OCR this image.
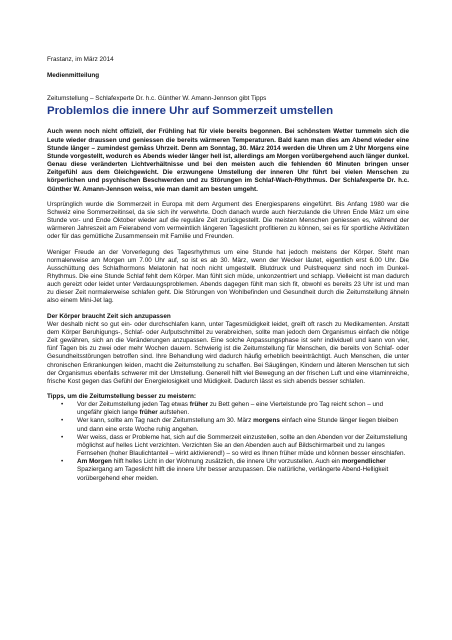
Frastanz, im März 2014

Medienmitteilung

Zeitumstellung – Schlafexperte Dr. h.c. Günther W. Amann-Jennson gibt Tipps

Problemlos die innere Uhr auf Sommerzeit umstellen

Auch wenn noch nicht offiziell, der Frühling hat für viele bereits begonnen. Bei schönstem Wetter tummeln sich die Leute wieder draussen und geniessen die bereits wärmeren Temperaturen. Bald kann man dies am Abend wieder eine Stunde länger – zumindest gemäss Uhrzeit. Denn am Sonntag, 30. März 2014 werden die Uhren um 2 Uhr Morgens eine Stunde vorgestellt, wodurch es Abends wieder länger hell ist, allerdings am Morgen vorübergehend auch länger dunkel. Genau diese veränderten Lichtverhältnisse und bei den meisten auch die fehlenden 60 Minuten bringen unser Zeitgefühl aus dem Gleichgewicht. Die erzwungene Umstellung der inneren Uhr führt bei vielen Menschen zu körperlichen und psychischen Beschwerden und zu Störungen im Schlaf-Wach-Rhythmus. Der Schlafexperte Dr. h.c. Günther W. Amann-Jennson weiss, wie man damit am besten umgeht.

Ursprünglich wurde die Sommerzeit in Europa mit dem Argument des Energiesparens eingeführt. Bis Anfang 1980 war die Schweiz eine Sommerzeitinsel, da sie sich ihr verwehrte. Doch danach wurde auch hierzulande die Uhren Ende März um eine Stunde vor- und Ende Oktober wieder auf die reguläre Zeit zurückgestellt. Die meisten Menschen geniessen es, während der wärmeren Jahreszeit am Feierabend vom vermeintlich längeren Tageslicht profitieren zu können, sei es für sportliche Aktivitäten oder für das gemütliche Zusammensein mit Familie und Freunden.

Weniger Freude an der Vorverlegung des Tagesrhythmus um eine Stunde hat jedoch meistens der Körper. Steht man normalerweise am Morgen um 7.00 Uhr auf, so ist es ab 30. März, wenn der Wecker läutet, eigentlich erst 6.00 Uhr. Die Ausschüttung des Schlafhormons Melatonin hat noch nicht umgestellt. Blutdruck und Pulsfrequenz sind noch im Dunkel-Rhythmus. Die eine Stunde Schlaf fehlt dem Körper. Man fühlt sich müde, unkonzentriert und schlapp. Vielleicht ist man dadurch auch gereizt oder leidet unter Verdauungsproblemen. Abends dagegen fühlt man sich fit, obwohl es bereits 23 Uhr ist und man zu dieser Zeit normalerweise schlafen geht. Die Störungen von Wohlbefinden und Gesundheit durch die Zeitumstellung ähneln also einem Mini-Jet lag.

Der Körper braucht Zeit sich anzupassen

Wer deshalb nicht so gut ein- oder durchschlafen kann, unter Tagesmüdigkeit leidet, greift oft rasch zu Medikamenten. Anstatt dem Körper Beruhigungs-, Schlaf- oder Aufputschmittel zu verabreichen, sollte man jedoch dem Organismus einfach die nötige Zeit gewähren, sich an die Veränderungen anzupassen. Eine solche Anpassungsphase ist sehr individuell und kann von vier, fünf Tagen bis zu zwei oder mehr Wochen dauern. Schwierig ist die Zeitumstellung für Menschen, die bereits von Schlaf- oder Gesundheitsstörungen betroffen sind. Ihre Behandlung wird dadurch häufig erheblich beeinträchtigt. Auch Menschen, die unter chronischen Erkrankungen leiden, macht die Zeitumstellung zu schaffen. Bei Säuglingen, Kindern und älteren Menschen tut sich der Organismus ebenfalls schwerer mit der Umstellung. Generell hilft viel Bewegung an der frischen Luft und eine vitaminreiche, frische Kost gegen das Gefühl der Energielosigkeit und Müdigkeit. Dadurch lässt es sich abends besser schlafen.

Tipps, um die Zeitumstellung besser zu meistern:

• Vor der Zeitumstellung jeden Tag etwas früher zu Bett gehen – eine Viertelstunde pro Tag reicht schon – und ungefähr gleich lange früher aufstehen.
• Wer kann, sollte am Tag nach der Zeitumstellung am 30. März morgens einfach eine Stunde länger liegen bleiben und dann eine erste Woche ruhig angehen.
• Wer weiss, dass er Probleme hat, sich auf die Sommerzeit einzustellen, sollte an den Abenden vor der Zeitumstellung möglichst auf helles Licht verzichten. Verzichten Sie an den Abenden auch auf Bildschirmarbeit und zu langes Fernsehen (hoher Blaulichtanteil – wirkt aktivierend!) – so wird es Ihnen früher müde und können besser einschlafen.
• Am Morgen hilft helles Licht in der Wohnung zusätzlich, die innere Uhr vorzustellen. Auch ein morgendlicher Spaziergang am Tageslicht hilft die innere Uhr besser anzupassen. Die natürliche, verlängerte Abend-Helligkeit vorübergehend eher meiden.
